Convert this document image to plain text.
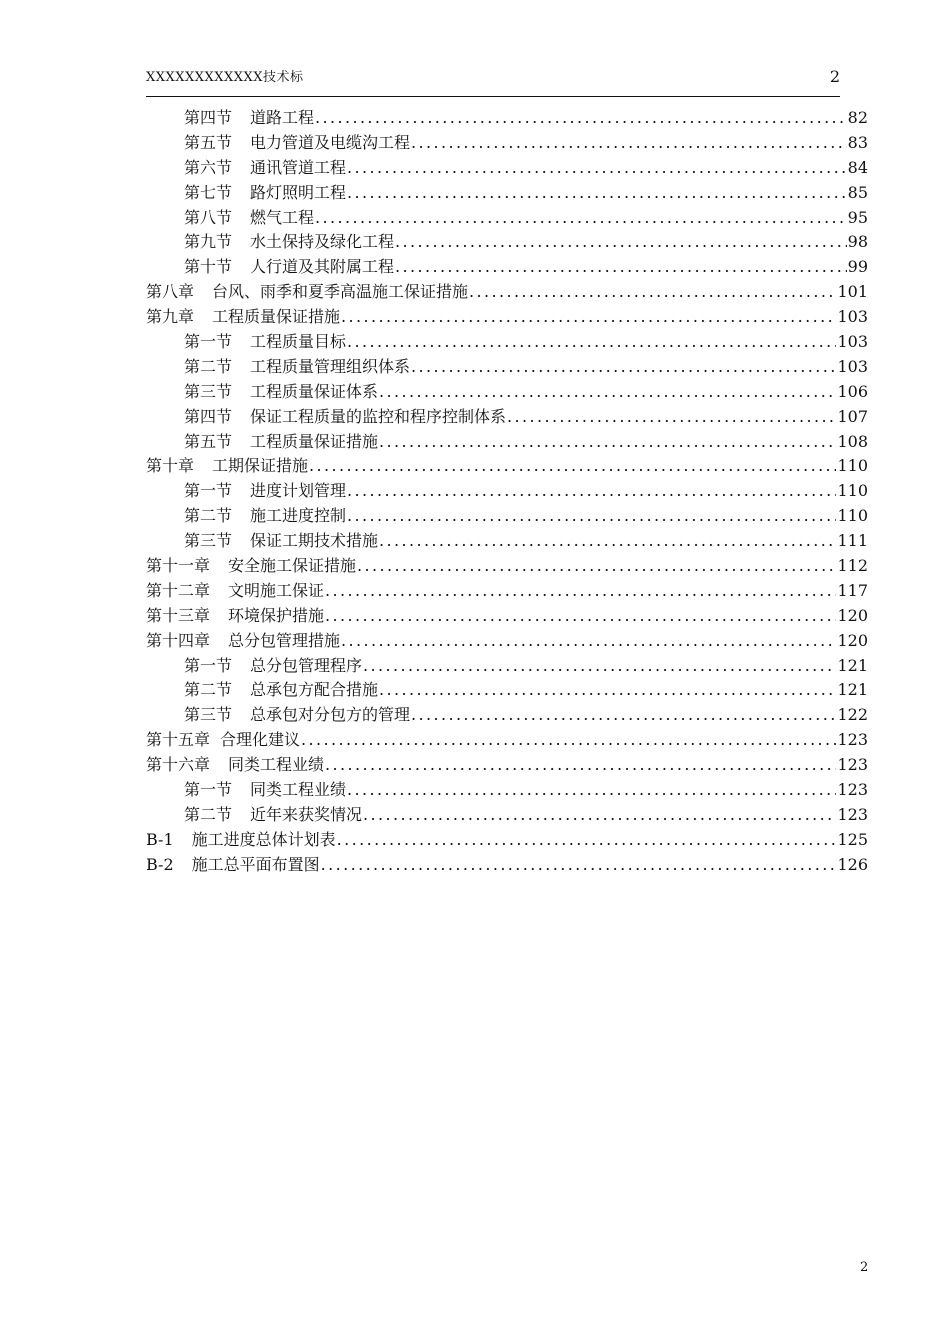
XXXXXXXXXXXX技术标	2
第四节 道路工程 .....	82
第五节 电力管道及电缆沟工程 .....	83
第六节 通讯管道工程 .....	84
第七节 路灯照明工程 .....	85
第八节 燃气工程 .....	95
第九节 水土保持及绿化工程 .....	98
第十节 人行道及其附属工程 .....	99
第八章 台风、雨季和夏季高温施工保证措施 .....	101
第九章 工程质量保证措施 .....	103
第一节 工程质量目标 .....	103
第二节 工程质量管理组织体系 .....	103
第三节 工程质量保证体系 .....	106
第四节 保证工程质量的监控和程序控制体系 .....	107
第五节 工程质量保证措施 .....	108
第十章 工期保证措施 .....	110
第一节 进度计划管理 .....	110
第二节 施工进度控制 .....	110
第三节 保证工期技术措施 .....	111
第十一章 安全施工保证措施 .....	112
第十二章 文明施工保证 .....	117
第十三章 环境保护措施 .....	120
第十四章 总分包管理措施 .....	120
第一节 总分包管理程序 .....	121
第二节 总承包方配合措施 .....	121
第三节 总承包对分包方的管理 .....	122
第十五章 合理化建议 .....	123
第十六章 同类工程业绩 .....	123
第一节 同类工程业绩 .....	123
第二节 近年来获奖情况 .....	123
B-1 施工进度总体计划表 .....	125
B-2 施工总平面布置图 .....	126
2
